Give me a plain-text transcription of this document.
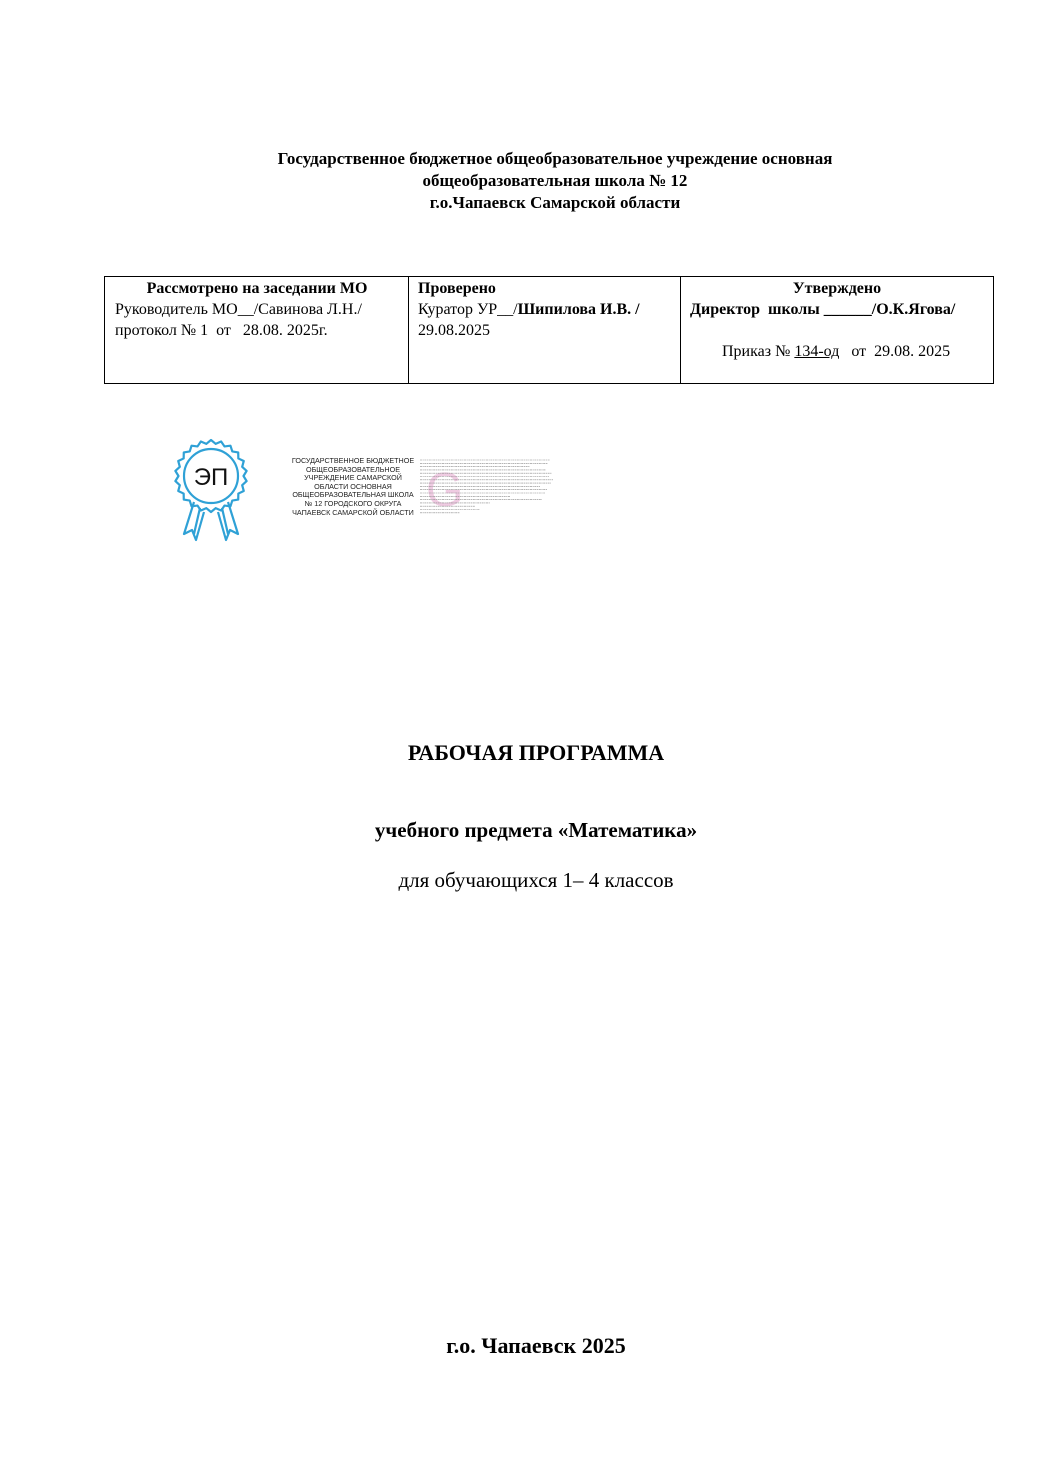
Государственное бюджетное общеобразовательное учреждение основная
общеобразовательная школа № 12
г.о.Чапаевск Самарской области
Рассмотрено на заседании МО
Руководитель МО__/Савинова Л.Н./
протокол № 1  от   28.08. 2025г.

Проверено
Куратор УР__/Шипилова И.В. /
29.08.2025

Утверждено
Директор  школы ______/О.К.Ягова/

Приказ № 134-од   от  29.08. 2025

ЭП
ГОСУДАРСТВЕННОЕ БЮДЖЕТНОЕ
ОБЩЕОБРАЗОВАТЕЛЬНОЕ
УЧРЕЖДЕНИЕ САМАРСКОЙ
ОБЛАСТИ ОСНОВНАЯ
ОБЩЕОБРАЗОВАТЕЛЬНАЯ ШКОЛА
№ 12 ГОРОДСКОГО ОКРУГА
ЧАПАЕВСК САМАРСКОЙ ОБЛАСТИ G
РАБОЧАЯ ПРОГРАММА
учебного предмета «Математика»
для обучающихся 1– 4 классов
г.о. Чапаевск 2025
